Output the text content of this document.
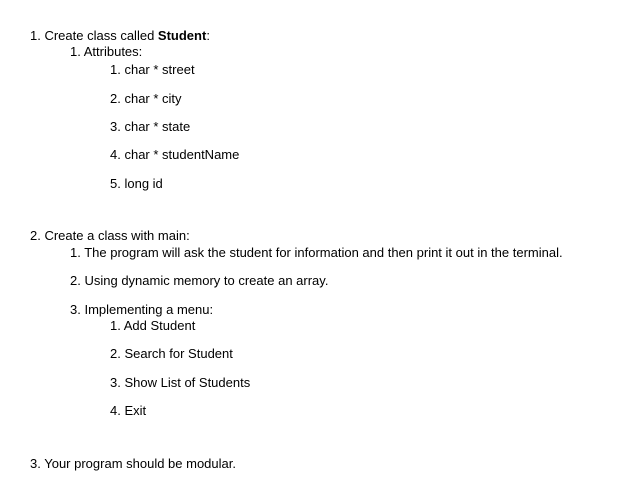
1. Create class called Student:
1. Attributes:
1. char * street
2. char * city
3. char * state
4. char * studentName
5. long id
2. Create a class with main:
1. The program will ask the student for information and then print it out in the terminal.
2. Using dynamic memory to create an array.
3. Implementing a menu:
1. Add Student
2. Search for Student
3. Show List of Students
4. Exit
3. Your program should be modular.
